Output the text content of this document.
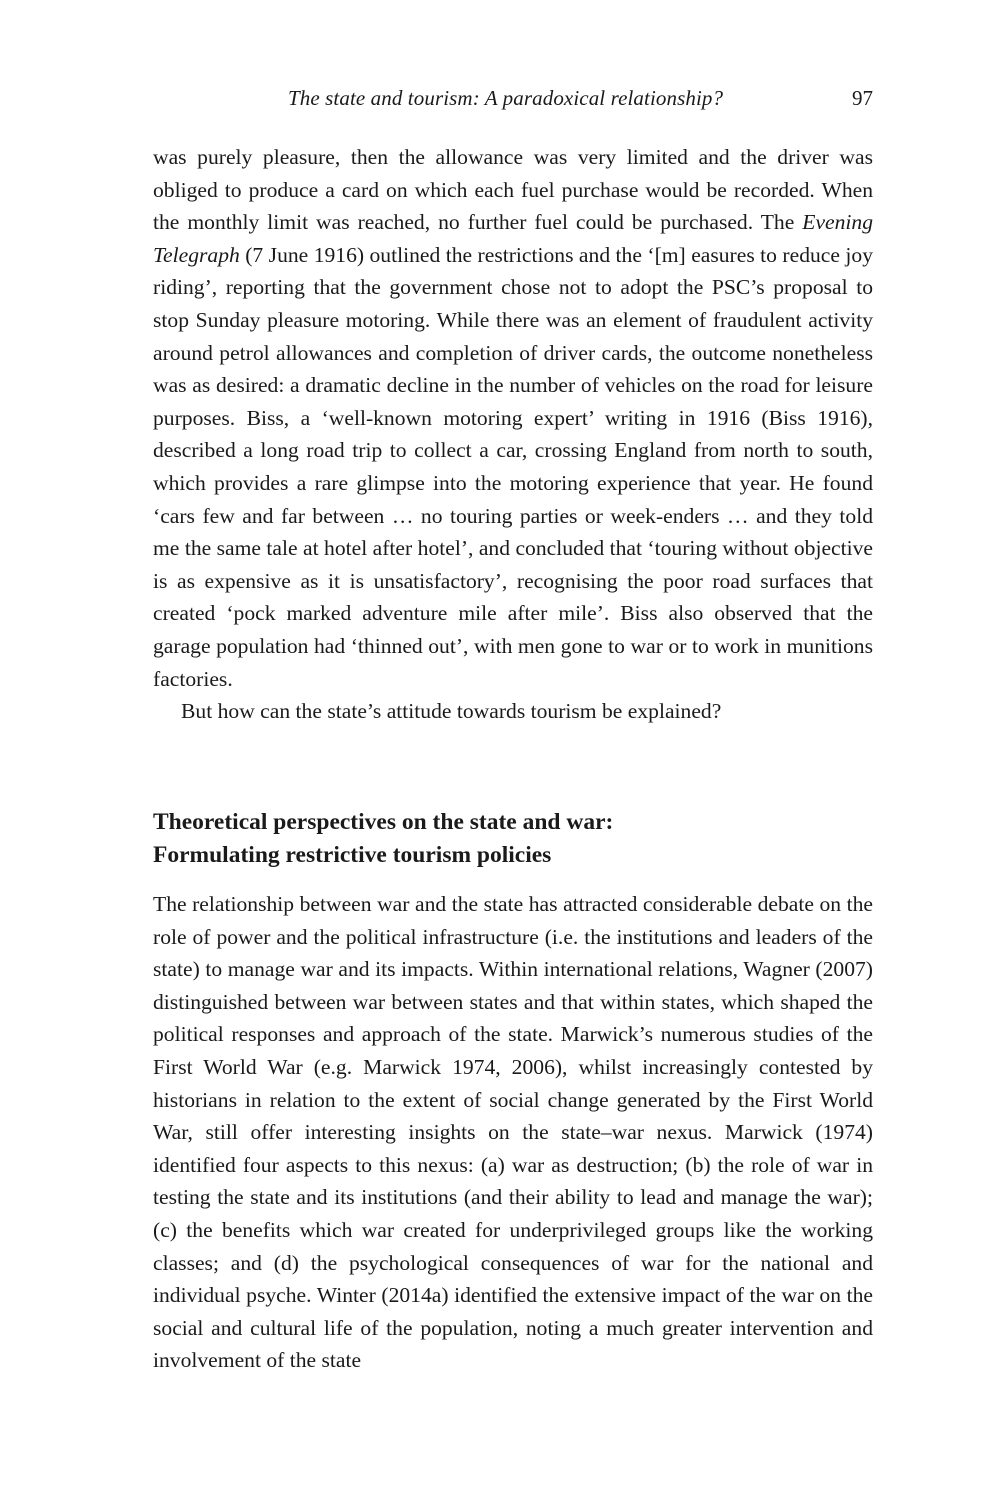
The state and tourism: A paradoxical relationship?	97

was purely pleasure, then the allowance was very limited and the driver was obliged to produce a card on which each fuel purchase would be recorded. When the monthly limit was reached, no further fuel could be purchased. The Evening Telegraph (7 June 1916) outlined the restrictions and the ‘[m] easures to reduce joy riding’, reporting that the government chose not to adopt the PSC’s proposal to stop Sunday pleasure motoring. While there was an element of fraudulent activity around petrol allowances and completion of driver cards, the outcome nonetheless was as desired: a dramatic decline in the number of vehicles on the road for leisure purposes. Biss, a ‘well-known motoring expert’ writing in 1916 (Biss 1916), described a long road trip to collect a car, crossing England from north to south, which provides a rare glimpse into the motoring experience that year. He found ‘cars few and far between … no touring parties or week-enders … and they told me the same tale at hotel after hotel’, and concluded that ‘touring without objective is as expensive as it is unsatisfactory’, recognising the poor road surfaces that created ‘pock marked adventure mile after mile’. Biss also observed that the garage population had ‘thinned out’, with men gone to war or to work in munitions factories.

But how can the state’s attitude towards tourism be explained?

Theoretical perspectives on the state and war:
Formulating restrictive tourism policies

The relationship between war and the state has attracted considerable debate on the role of power and the political infrastructure (i.e. the institutions and leaders of the state) to manage war and its impacts. Within international relations, Wagner (2007) distinguished between war between states and that within states, which shaped the political responses and approach of the state. Marwick’s numerous studies of the First World War (e.g. Marwick 1974, 2006), whilst increasingly contested by historians in relation to the extent of social change generated by the First World War, still offer interesting insights on the state–war nexus. Marwick (1974) identified four aspects to this nexus: (a) war as destruction; (b) the role of war in testing the state and its institutions (and their ability to lead and manage the war); (c) the benefits which war created for underprivileged groups like the working classes; and (d) the psychological consequences of war for the national and individual psyche. Winter (2014a) identified the extensive impact of the war on the social and cultural life of the population, noting a much greater intervention and involvement of the state
